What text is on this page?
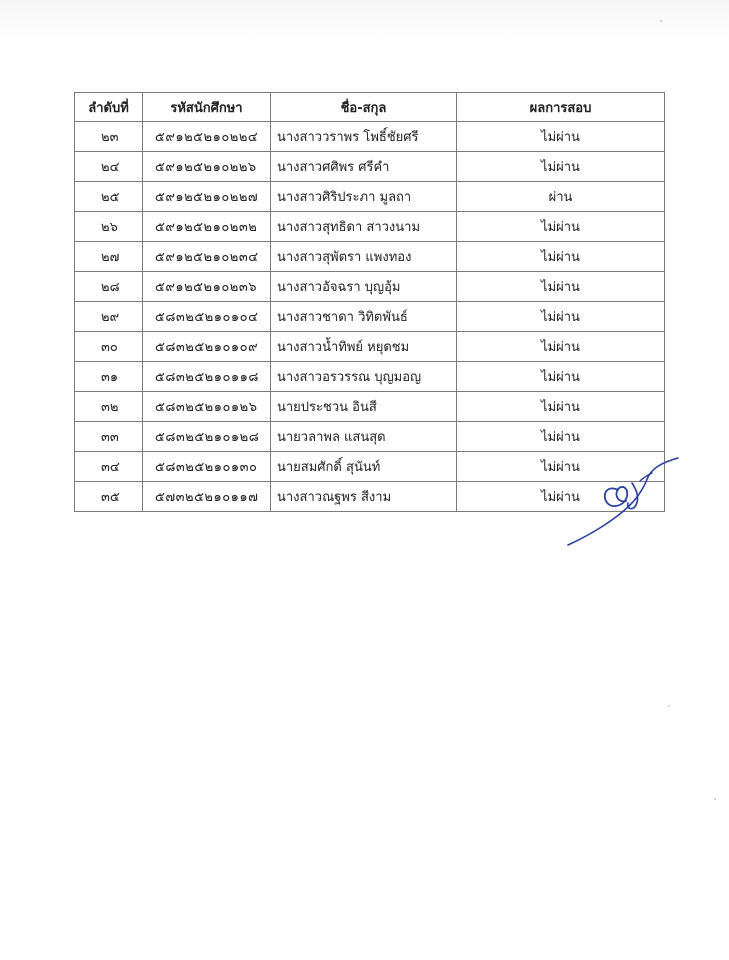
ลำดับที่	รหัสนักศึกษา	ชื่อ-สกุล	ผลการสอบ
๒๓	๕๙๑๒๕๒๑๐๒๒๔	นางสาววราพร โพธิ์ชัยศรี	ไม่ผ่าน
๒๔	๕๙๑๒๕๒๑๐๒๒๖	นางสาวศศิพร ศรีคำ	ไม่ผ่าน
๒๕	๕๙๑๒๕๒๑๐๒๒๗	นางสาวศิริประภา มูลถา	ผ่าน
๒๖	๕๙๑๒๕๒๑๐๒๓๒	นางสาวสุทธิดา สาวงนาม	ไม่ผ่าน
๒๗	๕๙๑๒๕๒๑๐๒๓๔	นางสาวสุพัตรา แพงทอง	ไม่ผ่าน
๒๘	๕๙๑๒๕๒๑๐๒๓๖	นางสาวอัจฉรา บุญอุ้ม	ไม่ผ่าน
๒๙	๕๘๓๒๕๒๑๐๑๐๔	นางสาวชาดา วิทิตพันธ์	ไม่ผ่าน
๓๐	๕๘๓๒๕๒๑๐๑๐๙	นางสาวน้ำทิพย์ หยุดชม	ไม่ผ่าน
๓๑	๕๘๓๒๕๒๑๐๑๑๘	นางสาวอรวรรณ บุญมอญ	ไม่ผ่าน
๓๒	๕๘๓๒๕๒๑๐๑๒๖	นายประชวน อินสี	ไม่ผ่าน
๓๓	๕๘๓๒๕๒๑๐๑๒๘	นายวลาพล แสนสุด	ไม่ผ่าน
๓๔	๕๘๓๒๕๒๑๐๑๓๐	นายสมศักดิ์ สุนันท์	ไม่ผ่าน
๓๕	๕๗๓๒๕๒๑๐๑๑๗	นางสาวณฐพร สีงาม	ไม่ผ่าน
